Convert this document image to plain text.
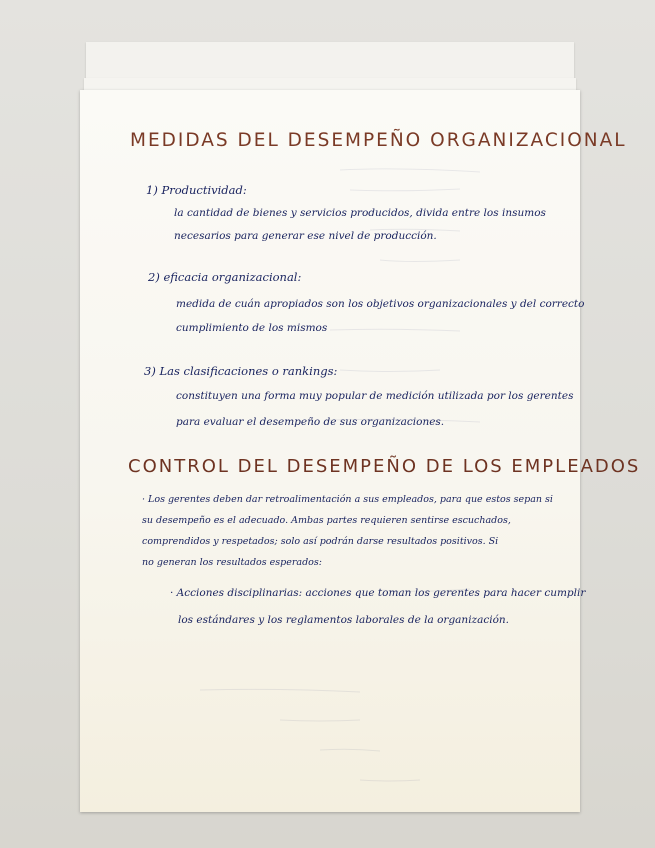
MEDIDAS DEL DESEMPEÑO ORGANIZACIONAL
1) Productividad:
la cantidad de bienes y servicios producidos, divida entre los insumos
necesarios para generar ese nivel de producción.
2) eficacia organizacional:
medida de cuán apropiados son los objetivos organizacionales y del correcto
cumplimiento de los mismos
3) Las clasificaciones o rankings:
constituyen una forma muy popular de medición utilizada por los gerentes
para evaluar el desempeño de sus organizaciones.
CONTROL DEL DESEMPEÑO DE LOS EMPLEADOS
· Los gerentes deben dar retroalimentación a sus empleados, para que estos sepan si
su desempeño es el adecuado. Ambas partes requieren sentirse escuchados,
comprendidos y respetados; solo así podrán darse resultados positivos. Si
no generan los resultados esperados:
· Acciones disciplinarias: acciones que toman los gerentes para hacer cumplir
los estándares y los reglamentos laborales de la organización.
